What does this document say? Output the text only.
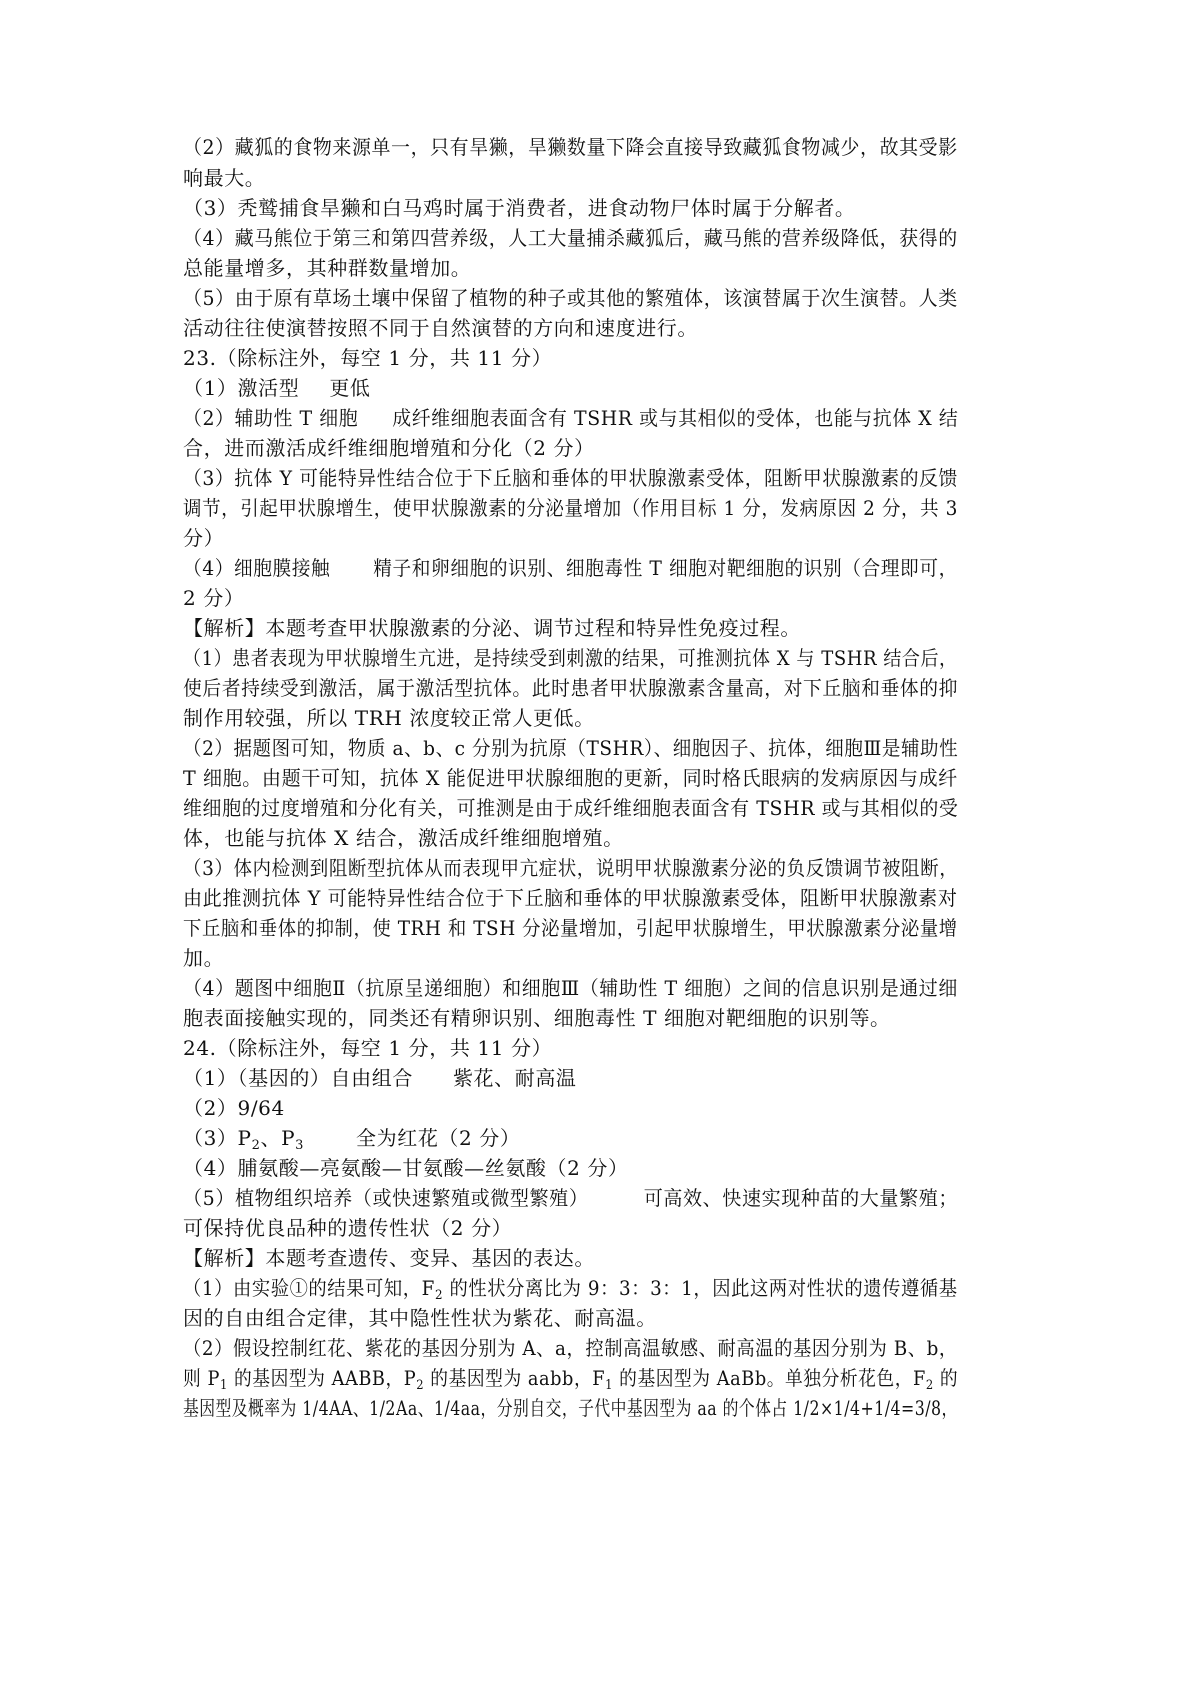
（2）藏狐的食物来源单一，只有旱獭，旱獭数量下降会直接导致藏狐食物减少，故其受影
响最大。
（3）秃鹫捕食旱獭和白马鸡时属于消费者，进食动物尸体时属于分解者。
（4）藏马熊位于第三和第四营养级，人工大量捕杀藏狐后，藏马熊的营养级降低，获得的
总能量增多，其种群数量增加。
（5）由于原有草场土壤中保留了植物的种子或其他的繁殖体，该演替属于次生演替。人类
活动往往使演替按照不同于自然演替的方向和速度进行。
23.（除标注外，每空 1 分，共 11 分）
（1）激活型 更低
（2）辅助性 T 细胞 成纤维细胞表面含有 TSHR 或与其相似的受体，也能与抗体 X 结
合，进而激活成纤维细胞增殖和分化（2 分）
（3）抗体 Y 可能特异性结合位于下丘脑和垂体的甲状腺激素受体，阻断甲状腺激素的反馈
调节，引起甲状腺增生，使甲状腺激素的分泌量增加（作用目标 1 分，发病原因 2 分，共 3
分）
（4）细胞膜接触 精子和卵细胞的识别、细胞毒性 T 细胞对靶细胞的识别（合理即可，
2 分）
【解析】本题考查甲状腺激素的分泌、调节过程和特异性免疫过程。
（1）患者表现为甲状腺增生亢进，是持续受到刺激的结果，可推测抗体 X 与 TSHR 结合后，
使后者持续受到激活，属于激活型抗体。此时患者甲状腺激素含量高，对下丘脑和垂体的抑
制作用较强，所以 TRH 浓度较正常人更低。
（2）据题图可知，物质 a、b、c 分别为抗原（TSHR）、细胞因子、抗体，细胞Ⅲ是辅助性
T 细胞。由题干可知，抗体 X 能促进甲状腺细胞的更新，同时格氏眼病的发病原因与成纤
维细胞的过度增殖和分化有关，可推测是由于成纤维细胞表面含有 TSHR 或与其相似的受
体，也能与抗体 X 结合，激活成纤维细胞增殖。
（3）体内检测到阻断型抗体从而表现甲亢症状，说明甲状腺激素分泌的负反馈调节被阻断，
由此推测抗体 Y 可能特异性结合位于下丘脑和垂体的甲状腺激素受体，阻断甲状腺激素对
下丘脑和垂体的抑制，使 TRH 和 TSH 分泌量增加，引起甲状腺增生，甲状腺激素分泌量增
加。
（4）题图中细胞Ⅱ（抗原呈递细胞）和细胞Ⅲ（辅助性 T 细胞）之间的信息识别是通过细
胞表面接触实现的，同类还有精卵识别、细胞毒性 T 细胞对靶细胞的识别等。
24.（除标注外，每空 1 分，共 11 分）
（1）（基因的）自由组合 紫花、耐高温
（2）9/64
$(3)P_2$、$P_3$	全为红花（2 分）
（4）脯氨酸—亮氨酸—甘氨酸—丝氨酸（2 分）
（5）植物组织培养（或快速繁殖或微型繁殖）	可高效、快速实现种苗的大量繁殖；
可保持优良品种的遗传性状（2 分）
【解析】本题考查遗传、变异、基因的表达。
（1）由实验①的结果可知，$F_2$ 的性状分离比为 9：3：3：1，因此这两对性状的遗传遵循基
因的自由组合定律，其中隐性性状为紫花、耐高温。
（2）假设控制红花、紫花的基因分别为 A、a，控制高温敏感、耐高温的基因分别为 B、b，
则 $P_1$ 的基因型为 AABB，$P_2$ 的基因型为 aabb，$F_1$ 的基因型为 AaBb。单独分析花色，$F_2$ 的
基因型及概率为 1/4AA、1/2Aa、1/4aa，分别自交，子代中基因型为 aa 的个体占 1/2×1/4+1/4=3/8，
